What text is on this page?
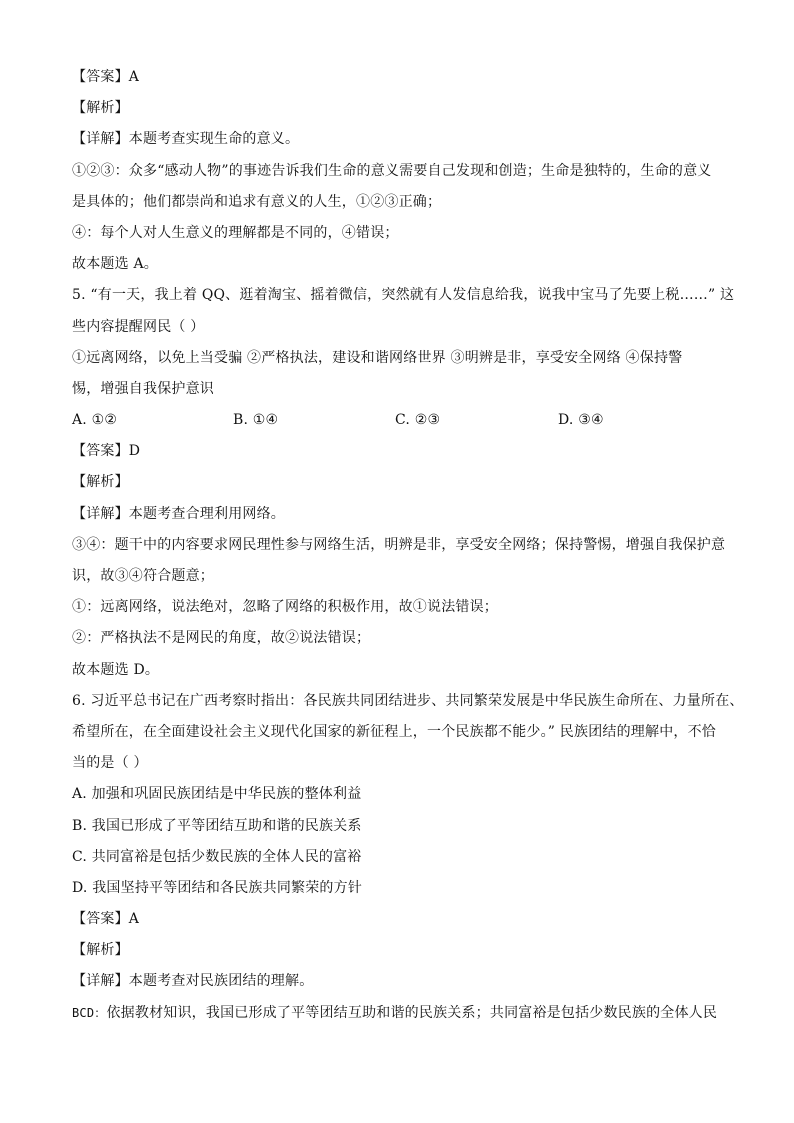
【答案】A
【解析】
【详解】本题考查实现生命的意义。
①②③：众多“感动人物”的事迹告诉我们生命的意义需要自己发现和创造；生命是独特的，生命的意义
是具体的；他们都崇尚和追求有意义的人生，①②③正确；
④：每个人对人生意义的理解都是不同的，④错误；
故本题选 A。
5. “有一天，我上着 QQ、逛着淘宝、摇着微信，突然就有人发信息给我，说我中宝马了先要上税……” 这
些内容提醒网民（ ）
①远离网络，以免上当受骗 ②严格执法，建设和谐网络世界 ③明辨是非，享受安全网络 ④保持警
惕，增强自我保护意识
A. ①②	B. ①④	C. ②③	D. ③④
【答案】D
【解析】
【详解】本题考查合理利用网络。
③④：题干中的内容要求网民理性参与网络生活，明辨是非，享受安全网络；保持警惕，增强自我保护意
识，故③④符合题意；
①：远离网络，说法绝对，忽略了网络的积极作用，故①说法错误；
②：严格执法不是网民的角度，故②说法错误；
故本题选 D。
6. 习近平总书记在广西考察时指出：各民族共同团结进步、共同繁荣发展是中华民族生命所在、力量所在、
希望所在，在全面建设社会主义现代化国家的新征程上，一个民族都不能少。” 民族团结的理解中，不恰
当的是（ ）
A. 加强和巩固民族团结是中华民族的整体利益
B. 我国已形成了平等团结互助和谐的民族关系
C. 共同富裕是包括少数民族的全体人民的富裕
D. 我国坚持平等团结和各民族共同繁荣的方针
【答案】A
【解析】
【详解】本题考查对民族团结的理解。
BCD：依据教材知识，我国已形成了平等团结互助和谐的民族关系；共同富裕是包括少数民族的全体人民
